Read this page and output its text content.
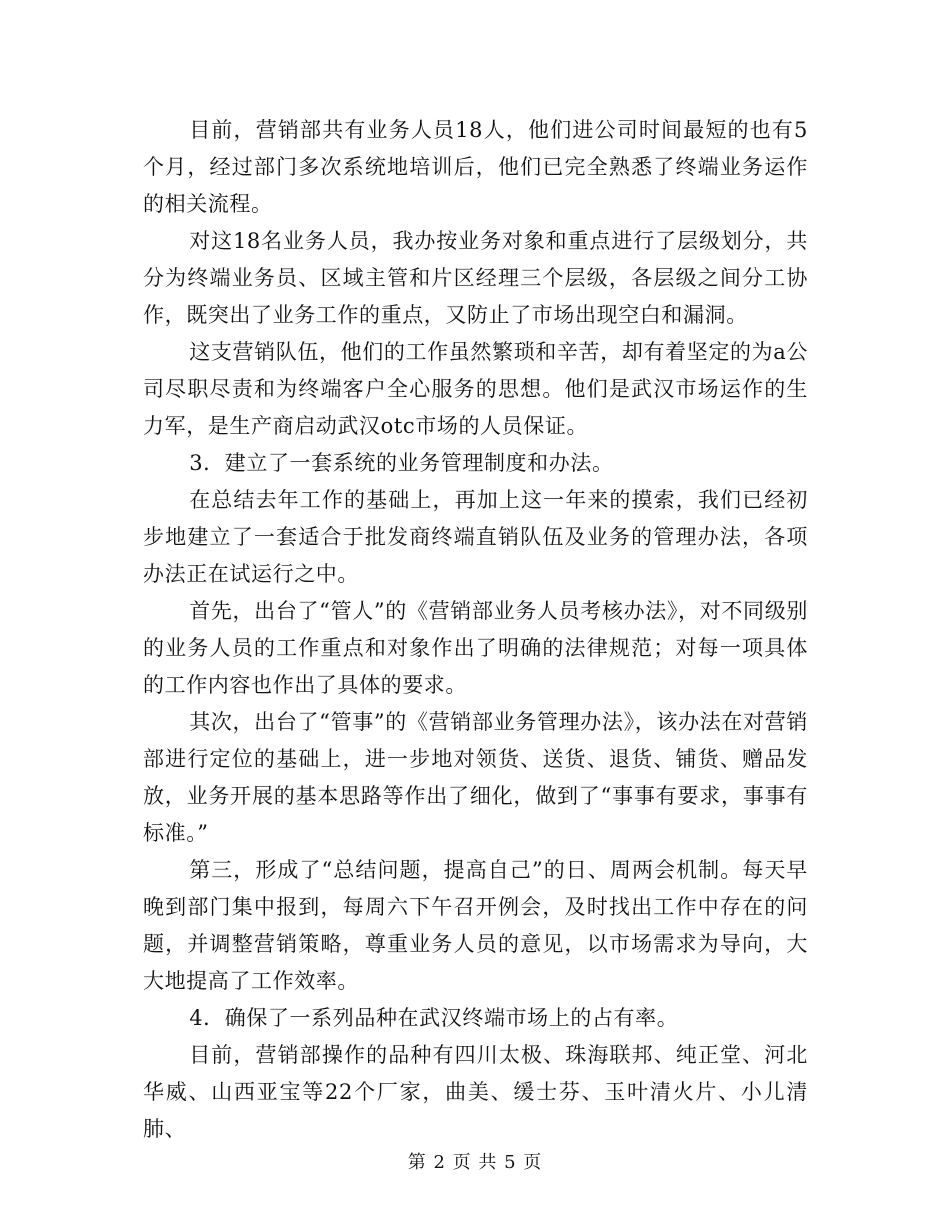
目前，营销部共有业务人员18人，他们进公司时间最短的也有5个月，经过部门多次系统地培训后，他们已完全熟悉了终端业务运作的相关流程。

对这18名业务人员，我办按业务对象和重点进行了层级划分，共分为终端业务员、区域主管和片区经理三个层级，各层级之间分工协作，既突出了业务工作的重点，又防止了市场出现空白和漏洞。

这支营销队伍，他们的工作虽然繁琐和辛苦，却有着坚定的为a公司尽职尽责和为终端客户全心服务的思想。他们是武汉市场运作的生力军，是生产商启动武汉otc市场的人员保证。

3．建立了一套系统的业务管理制度和办法。

在总结去年工作的基础上，再加上这一年来的摸索，我们已经初步地建立了一套适合于批发商终端直销队伍及业务的管理办法，各项办法正在试运行之中。

首先，出台了“管人”的《营销部业务人员考核办法》，对不同级别的业务人员的工作重点和对象作出了明确的法律规范；对每一项具体的工作内容也作出了具体的要求。

其次，出台了“管事”的《营销部业务管理办法》，该办法在对营销部进行定位的基础上，进一步地对领货、送货、退货、铺货、赠品发放，业务开展的基本思路等作出了细化，做到了“事事有要求，事事有标准。”

第三，形成了“总结问题，提高自己”的日、周两会机制。每天早晚到部门集中报到，每周六下午召开例会，及时找出工作中存在的问题，并调整营销策略，尊重业务人员的意见，以市场需求为导向，大大地提高了工作效率。

4．确保了一系列品种在武汉终端市场上的占有率。

目前，营销部操作的品种有四川太极、珠海联邦、纯正堂、河北华威、山西亚宝等22个厂家，曲美、缓士芬、玉叶清火片、小儿清肺、

第 2 页 共 5 页
